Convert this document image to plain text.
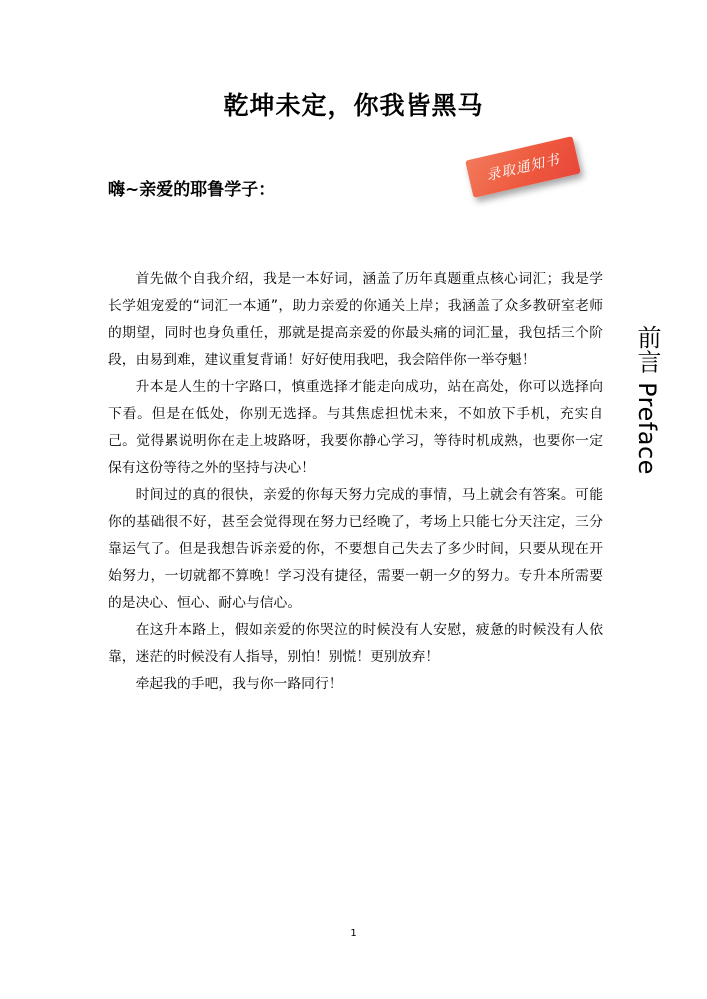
乾坤未定，你我皆黑马
嗨~亲爱的耶鲁学子：
录取通知书

首先做个自我介绍，我是一本好词，涵盖了历年真题重点核心词汇；我是学长学姐宠爱的“词汇一本通”，助力亲爱的你通关上岸；我涵盖了众多教研室老师的期望，同时也身负重任，那就是提高亲爱的你最头痛的词汇量，我包括三个阶段，由易到难，建议重复背诵！好好使用我吧，我会陪伴你一举夺魁！

升本是人生的十字路口，慎重选择才能走向成功，站在高处，你可以选择向下看。但是在低处，你别无选择。与其焦虑担忧未来，不如放下手机，充实自己。觉得累说明你在走上坡路呀，我要你静心学习，等待时机成熟，也要你一定保有这份等待之外的坚持与决心！

时间过的真的很快，亲爱的你每天努力完成的事情，马上就会有答案。可能你的基础很不好，甚至会觉得现在努力已经晚了，考场上只能七分天注定，三分靠运气了。但是我想告诉亲爱的你，不要想自己失去了多少时间，只要从现在开始努力，一切就都不算晚！学习没有捷径，需要一朝一夕的努力。专升本所需要的是决心、恒心、耐心与信心。

在这升本路上，假如亲爱的你哭泣的时候没有人安慰，疲惫的时候没有人依靠，迷茫的时候没有人指导，别怕！别慌！更别放弃！

牵起我的手吧，我与你一路同行！

前言 Preface
1
